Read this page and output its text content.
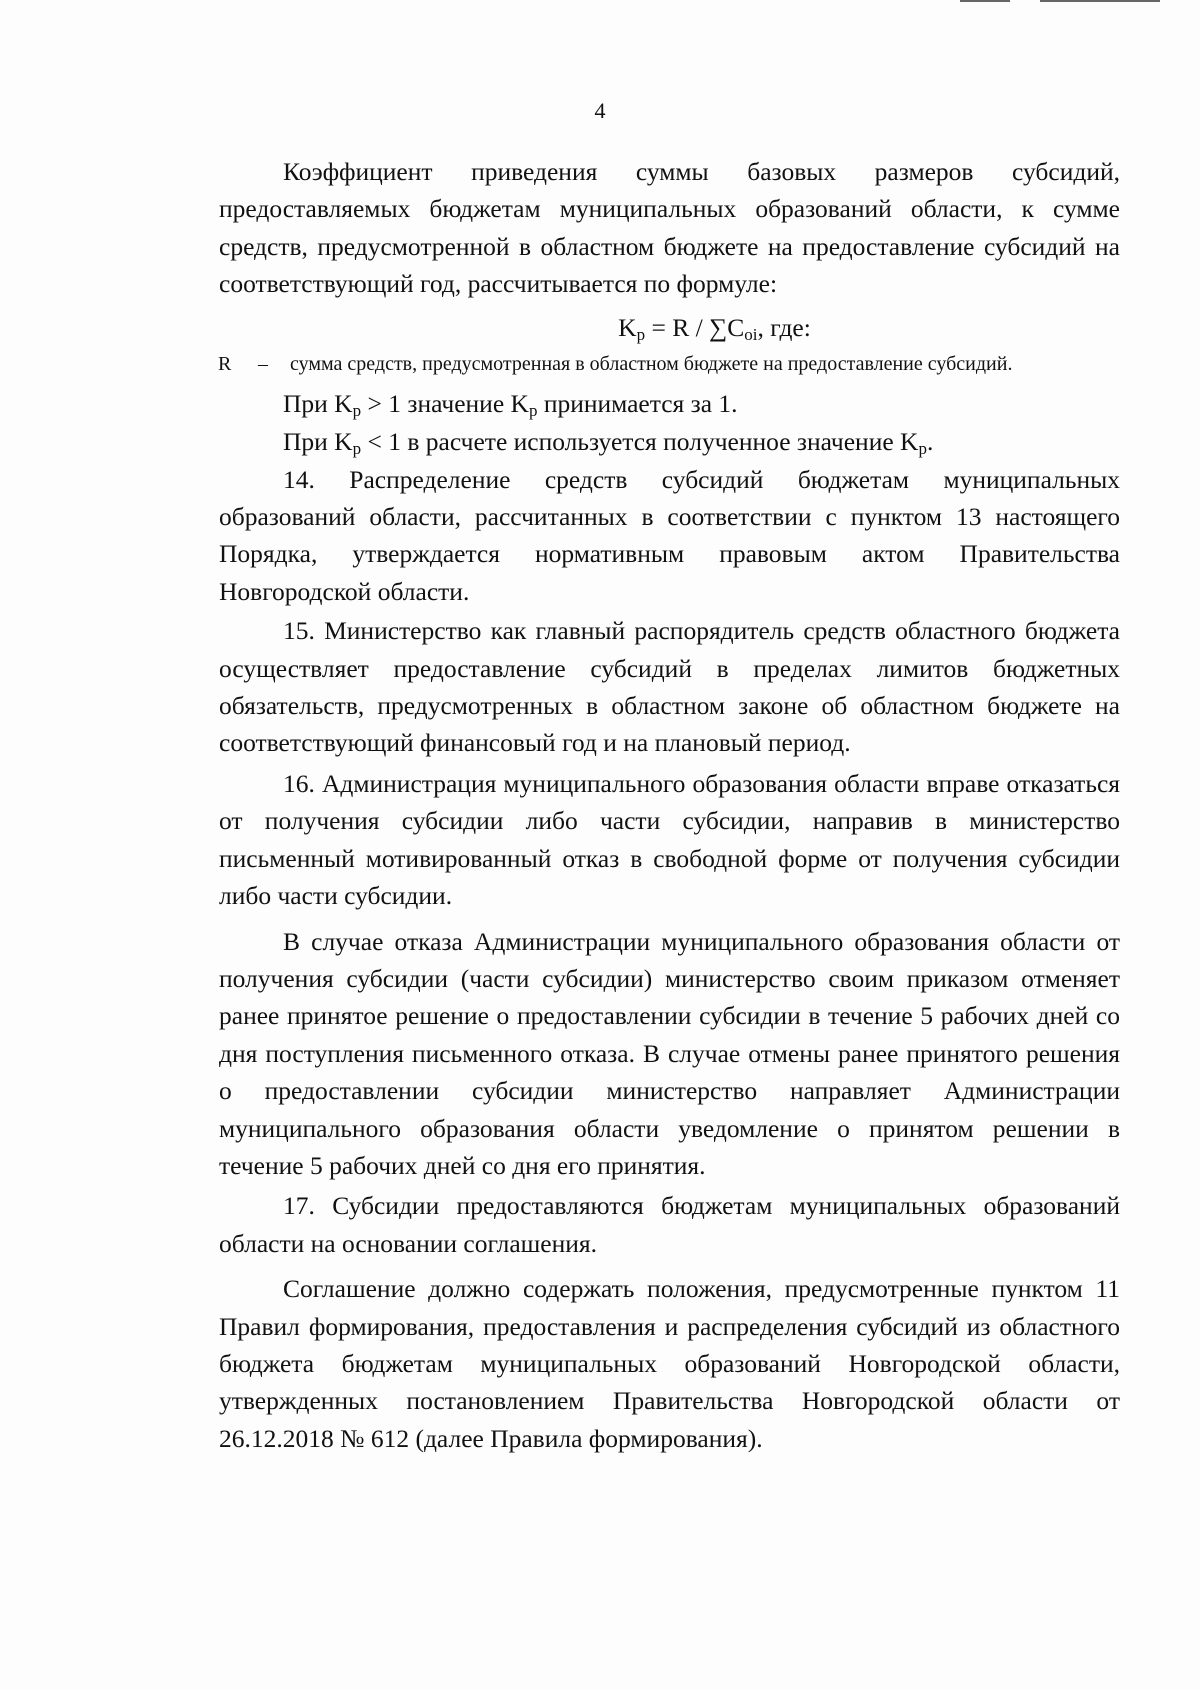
4

Коэффициент приведения суммы базовых размеров субсидий, предоставляемых бюджетам муниципальных образований области, к сумме средств, предусмотренной в областном бюджете на предоставление субсидий на соответствующий год, рассчитывается по формуле:

$K_p = R / \sum C_{oi}$, где:
R	–	сумма средств, предусмотренная в областном бюджете на предоставление субсидий.

При $K_p > 1$ значение $K_p$ принимается за 1.

При $K_p < 1$ в расчете используется полученное значение $K_p$.

14. Распределение средств субсидий бюджетам муниципальных образований области, рассчитанных в соответствии с пунктом 13 настоящего Порядка, утверждается нормативным правовым актом Правительства Новгородской области.

15. Министерство как главный распорядитель средств областного бюджета осуществляет предоставление субсидий в пределах лимитов бюджетных обязательств, предусмотренных в областном законе об областном бюджете на соответствующий финансовый год и на плановый период.

16. Администрация муниципального образования области вправе отказаться от получения субсидии либо части субсидии, направив в министерство письменный мотивированный отказ в свободной форме от получения субсидии либо части субсидии.

В случае отказа Администрации муниципального образования области от получения субсидии (части субсидии) министерство своим приказом отменяет ранее принятое решение о предоставлении субсидии в течение 5 рабочих дней со дня поступления письменного отказа. В случае отмены ранее принятого решения о предоставлении субсидии министерство направляет Администрации муниципального образования области уведомление о принятом решении в течение 5 рабочих дней со дня его принятия.

17. Субсидии предоставляются бюджетам муниципальных образований области на основании соглашения.

Соглашение должно содержать положения, предусмотренные пунктом 11 Правил формирования, предоставления и распределения субсидий из областного бюджета бюджетам муниципальных образований Новгородской области, утвержденных постановлением Правительства Новгородской области от 26.12.2018 № 612 (далее Правила формирования).
